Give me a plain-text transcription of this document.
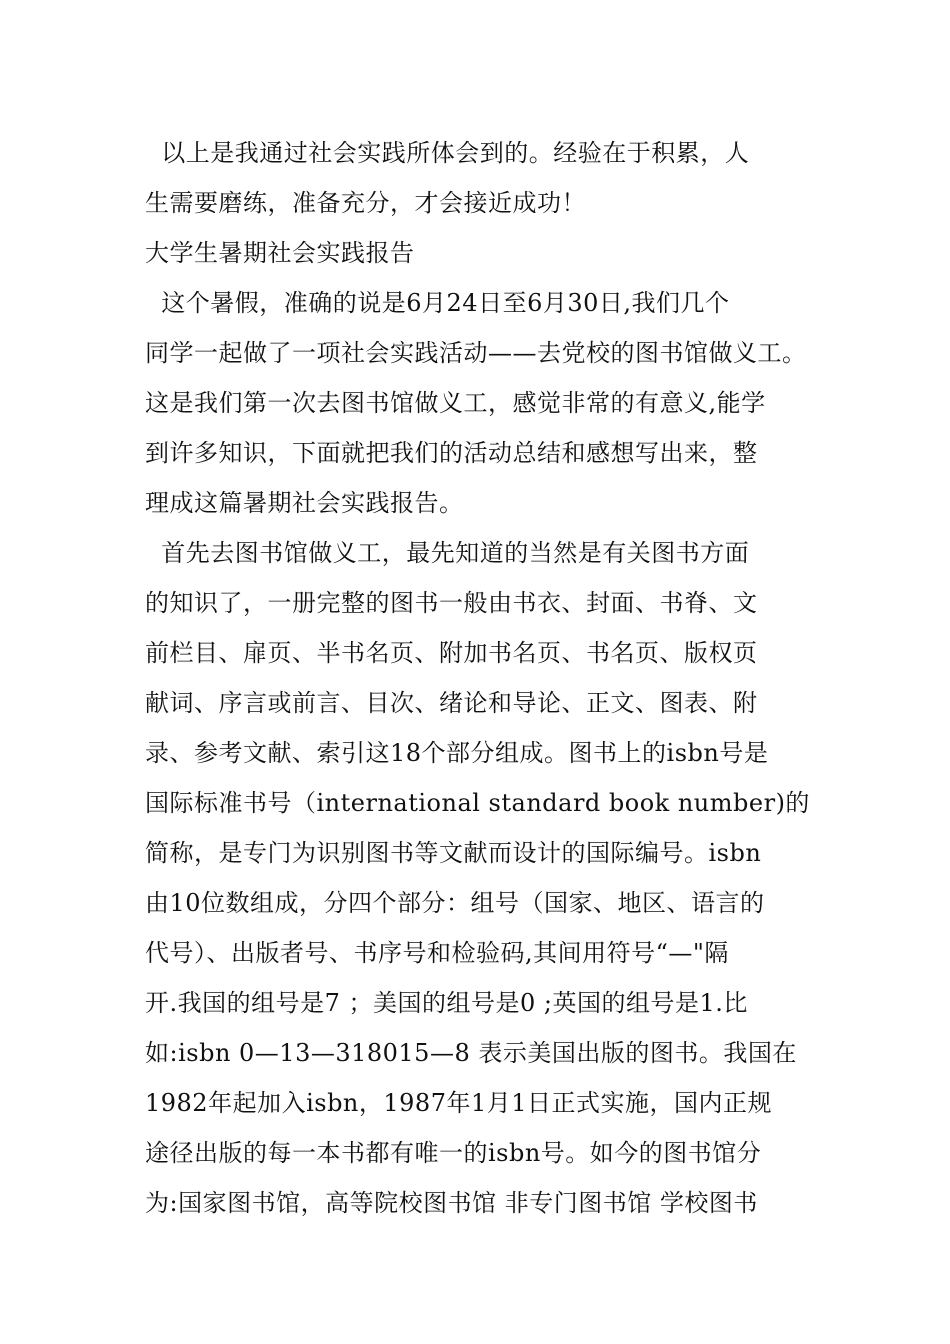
以上是我通过社会实践所体会到的。经验在于积累，人
生需要磨练，准备充分，才会接近成功！
大学生暑期社会实践报告
这个暑假，准确的说是6月24日至6月30日,我们几个
同学一起做了一项社会实践活动——去党校的图书馆做义工。
这是我们第一次去图书馆做义工，感觉非常的有意义,能学
到许多知识，下面就把我们的活动总结和感想写出来，整
理成这篇暑期社会实践报告。
首先去图书馆做义工，最先知道的当然是有关图书方面
的知识了，一册完整的图书一般由书衣、封面、书脊、文
前栏目、扉页、半书名页、附加书名页、书名页、版权页
献词、序言或前言、目次、绪论和导论、正文、图表、附
录、参考文献、索引这18个部分组成。图书上的isbn号是
国际标准书号（international standard book number)的
简称，是专门为识别图书等文献而设计的国际编号。isbn
由10位数组成，分四个部分：组号（国家、地区、语言的
代号）、出版者号、书序号和检验码,其间用符号“—"隔
开.我国的组号是7 ；美国的组号是0 ;英国的组号是1.比
如:isbn 0—13—318015—8 表示美国出版的图书。我国在
1982年起加入isbn，1987年1月1日正式实施，国内正规
途径出版的每一本书都有唯一的isbn号。如今的图书馆分
为:国家图书馆，高等院校图书馆 非专门图书馆 学校图书
